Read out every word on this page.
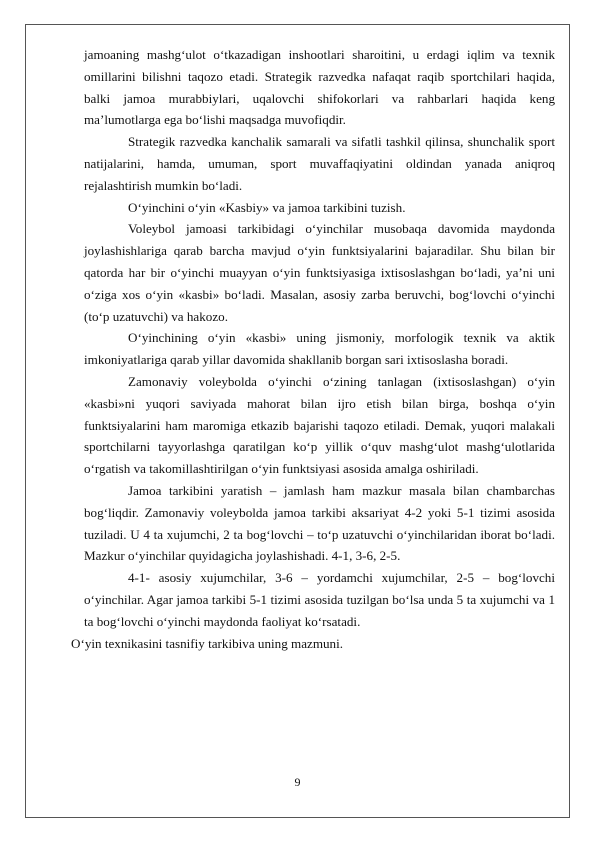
jamoaning mashg‘ulot o‘tkazadigan inshootlari sharoitini, u erdagi iqlim va texnik omillarini bilishni taqozo etadi. Strategik razvedka nafaqat raqib sportchilari haqida, balki jamoa murabbiylari, uqalovchi shifokorlari va rahbarlari haqida keng ma’lumotlarga ega bo‘lishi maqsadga muvofiqdir.

Strategik razvedka kanchalik samarali va sifatli tashkil qilinsa, shunchalik sport natijalarini, hamda, umuman, sport muvaffaqiyatini oldindan yanada aniqroq rejalashtirish mumkin bo‘ladi.

O‘yinchini o‘yin «Kasbiy» va jamoa tarkibini tuzish.

Voleybol jamoasi tarkibidagi o‘yinchilar musobaqa davomida maydonda joylashishlariga qarab barcha mavjud o‘yin funktsiyalarini bajaradilar. Shu bilan bir qatorda har bir o‘yinchi muayyan o‘yin funktsiyasiga ixtisoslashgan bo‘ladi, ya’ni uni o‘ziga xos o‘yin «kasbi» bo‘ladi. Masalan, asosiy zarba beruvchi, bog‘lovchi o‘yinchi (to‘p uzatuvchi) va hakozo.

O‘yinchining o‘yin «kasbi» uning jismoniy, morfologik texnik va aktik imkoniyatlariga qarab yillar davomida shakllanib borgan sari ixtisoslasha boradi.

Zamonaviy voleybolda o‘yinchi o‘zining tanlagan (ixtisoslashgan) o‘yin «kasbi»ni yuqori saviyada mahorat bilan ijro etish bilan birga, boshqa o‘yin funktsiyalarini ham maromiga etkazib bajarishi taqozo etiladi. Demak, yuqori malakali sportchilarni tayyorlashga qaratilgan ko‘p yillik o‘quv mashg‘ulot mashg‘ulotlarida o‘rgatish va takomillashtirilgan o‘yin funktsiyasi asosida amalga oshiriladi.

Jamoa tarkibini yaratish – jamlash ham mazkur masala bilan chambarchas bog‘liqdir. Zamonaviy voleybolda jamoa tarkibi aksariyat 4-2 yoki 5-1 tizimi asosida tuziladi. U 4 ta xujumchi, 2 ta bog‘lovchi – to‘p uzatuvchi o‘yinchilaridan iborat bo‘ladi. Mazkur o‘yinchilar quyidagicha joylashishadi. 4-1, 3-6, 2-5.

4-1- asosiy xujumchilar, 3-6 – yordamchi xujumchilar, 2-5 – bog‘lovchi o‘yinchilar. Agar jamoa tarkibi 5-1 tizimi asosida tuzilgan bo‘lsa unda 5 ta xujumchi va 1 ta bog‘lovchi o‘yinchi maydonda faoliyat ko‘rsatadi.

O‘yin texnikasini tasnifiy tarkibiva uning mazmuni.

9
